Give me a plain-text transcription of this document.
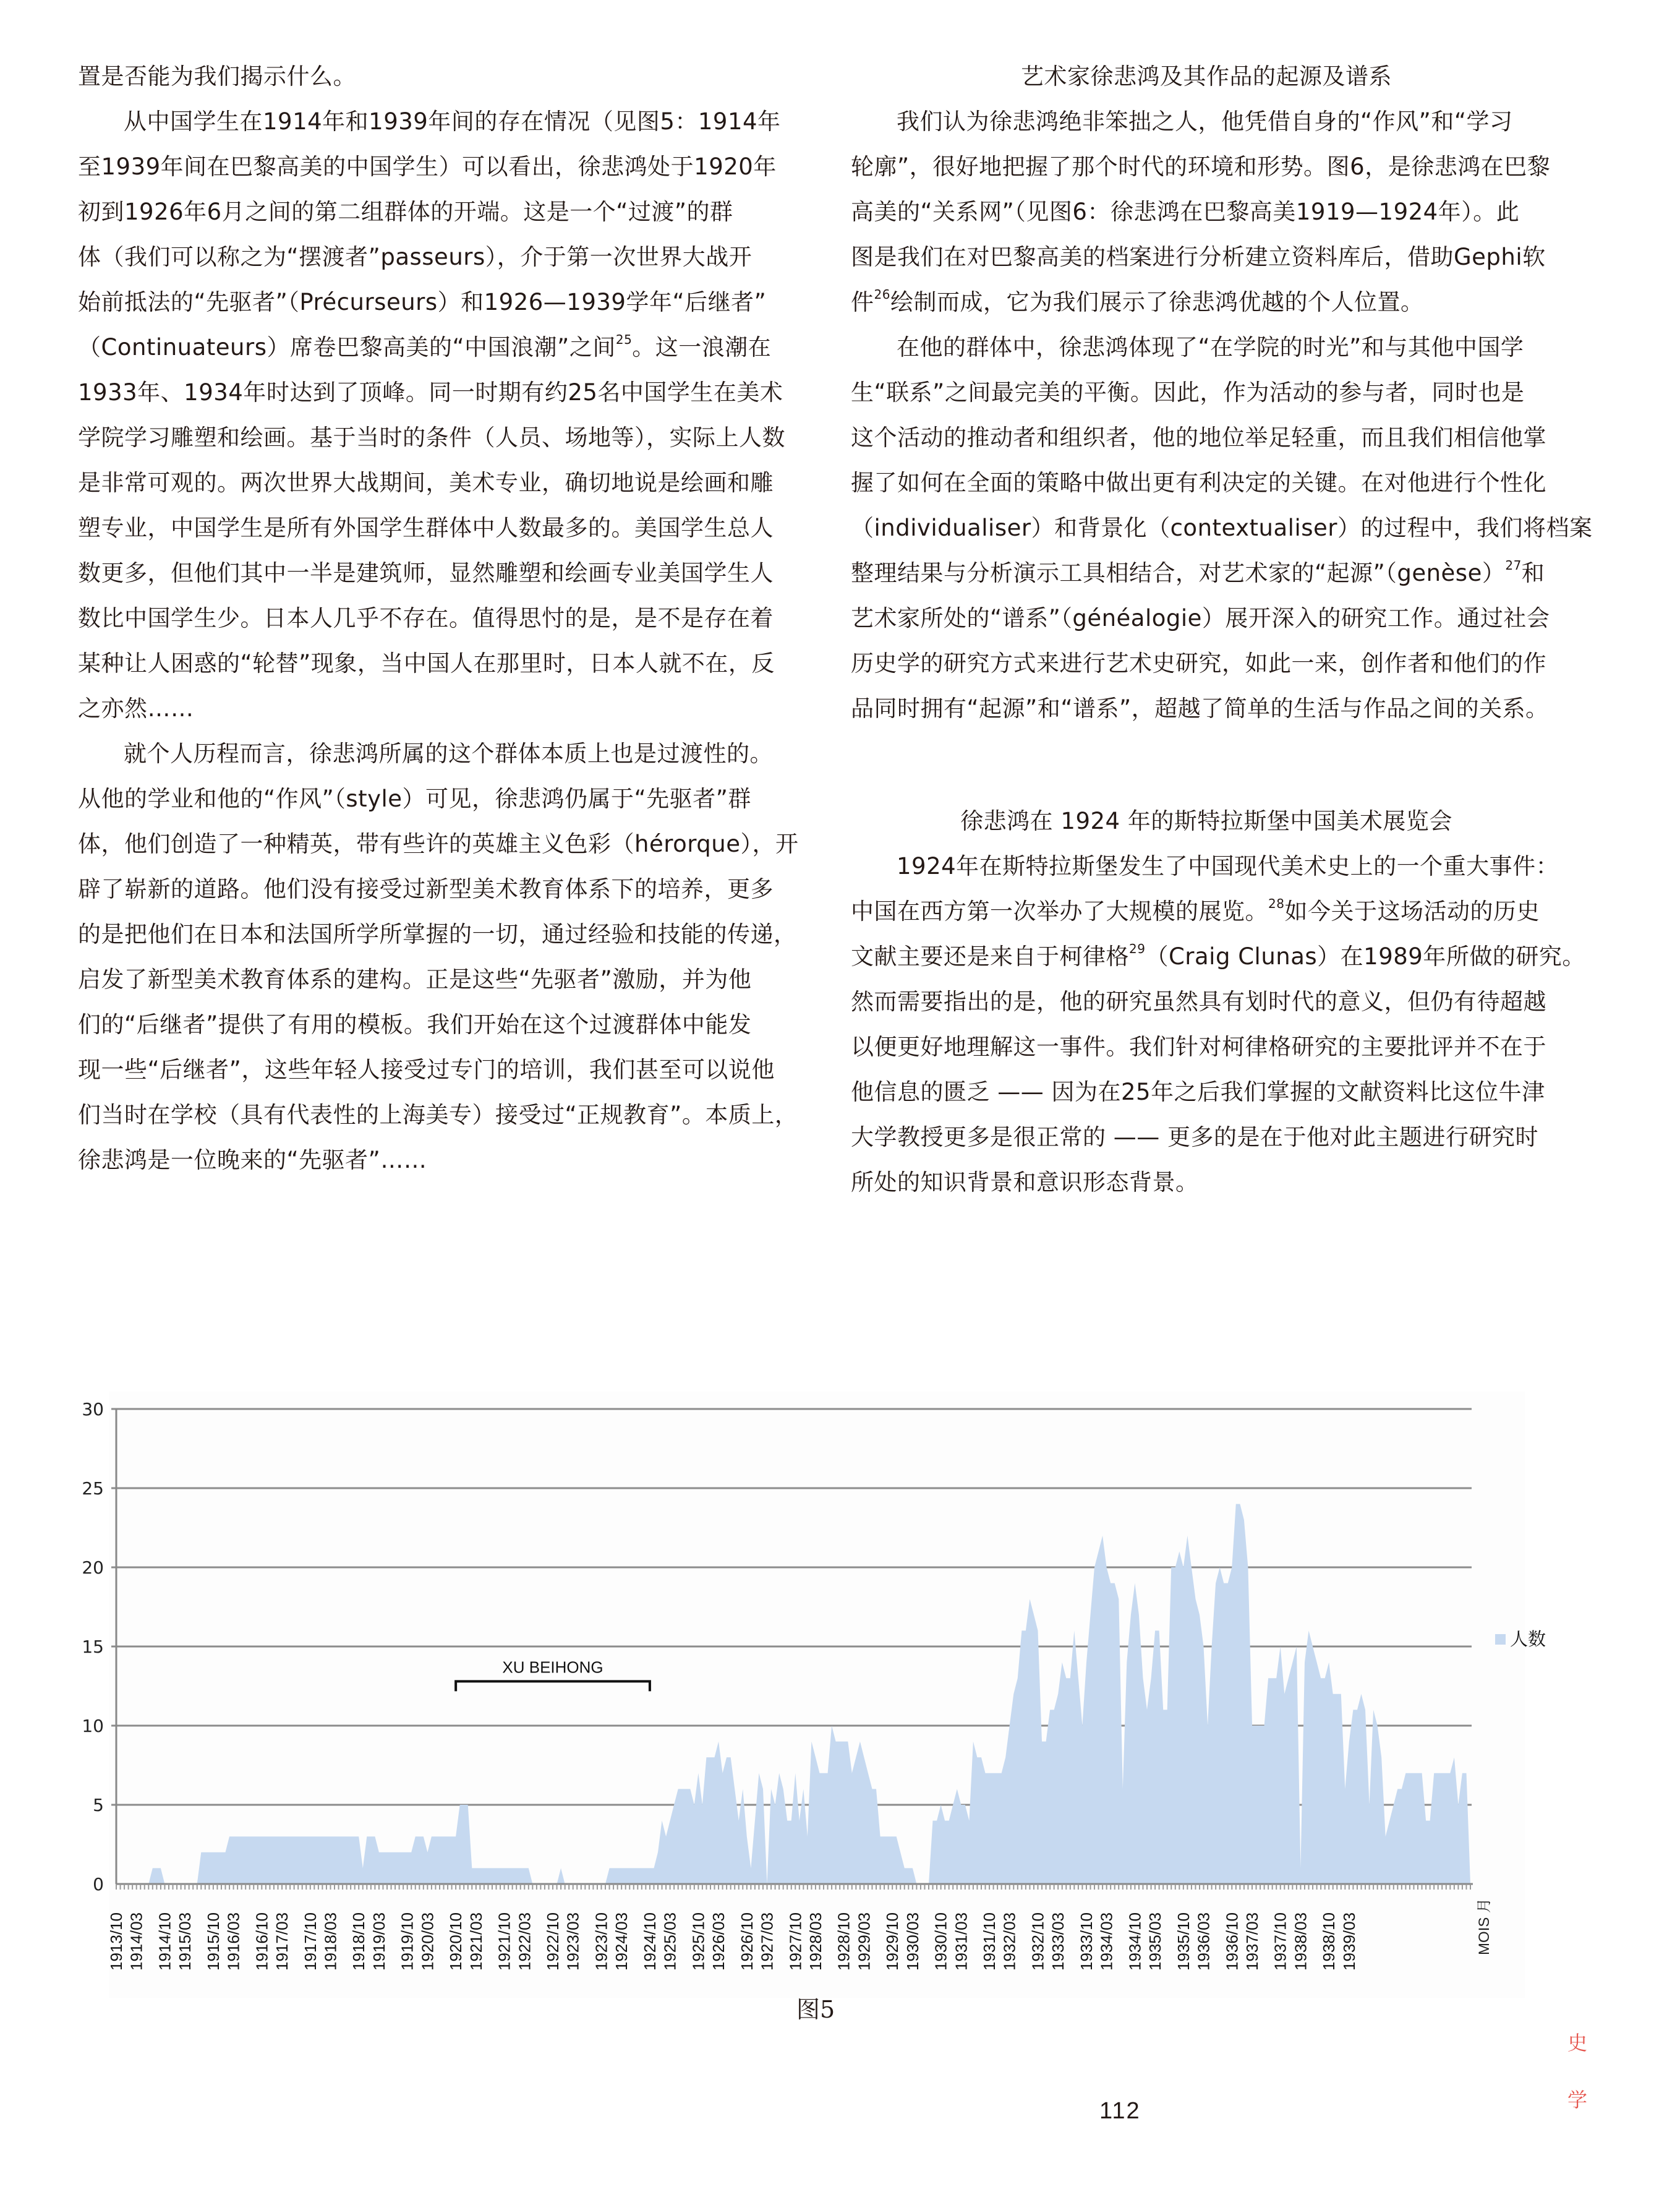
置是否能为我们揭示什么。
从中国学生在1914年和1939年间的存在情况（见图5：1914年
至1939年间在巴黎高美的中国学生）可以看出，徐悲鸿处于1920年
初到1926年6月之间的第二组群体的开端。这是一个“过渡”的群
体（我们可以称之为“摆渡者”passeurs），介于第一次世界大战开
始前抵法的“先驱者”（Précurseurs）和1926—1939学年“后继者”
（Continuateurs）席卷巴黎高美的“中国浪潮”之间$^{25}$。这一浪潮在
1933年、1934年时达到了顶峰。同一时期有约25名中国学生在美术
学院学习雕塑和绘画。基于当时的条件（人员、场地等），实际上人数
是非常可观的。两次世界大战期间，美术专业，确切地说是绘画和雕
塑专业，中国学生是所有外国学生群体中人数最多的。美国学生总人
数更多，但他们其中一半是建筑师，显然雕塑和绘画专业美国学生人
数比中国学生少。日本人几乎不存在。值得思忖的是，是不是存在着
某种让人困惑的“轮替”现象，当中国人在那里时，日本人就不在，反
之亦然……
就个人历程而言，徐悲鸿所属的这个群体本质上也是过渡性的。
从他的学业和他的“作风”（style）可见，徐悲鸿仍属于“先驱者”群
体，他们创造了一种精英，带有些许的英雄主义色彩（hérorque），开
辟了崭新的道路。他们没有接受过新型美术教育体系下的培养，更多
的是把他们在日本和法国所学所掌握的一切，通过经验和技能的传递，
启发了新型美术教育体系的建构。正是这些“先驱者”激励，并为他
们的“后继者”提供了有用的模板。我们开始在这个过渡群体中能发
现一些“后继者”，这些年轻人接受过专门的培训，我们甚至可以说他
们当时在学校（具有代表性的上海美专）接受过“正规教育”。本质上，
徐悲鸿是一位晚来的“先驱者”……
艺术家徐悲鸿及其作品的起源及谱系
我们认为徐悲鸿绝非笨拙之人，他凭借自身的“作风”和“学习
轮廓”，很好地把握了那个时代的环境和形势。图6，是徐悲鸿在巴黎
高美的“关系网”（见图6：徐悲鸿在巴黎高美1919—1924年）。此
图是我们在对巴黎高美的档案进行分析建立资料库后，借助Gephi软
件$^{26}$绘制而成，它为我们展示了徐悲鸿优越的个人位置。
在他的群体中，徐悲鸿体现了“在学院的时光”和与其他中国学
生“联系”之间最完美的平衡。因此，作为活动的参与者，同时也是
这个活动的推动者和组织者，他的地位举足轻重，而且我们相信他掌
握了如何在全面的策略中做出更有利决定的关键。在对他进行个性化
（individualiser）和背景化（contextualiser）的过程中，我们将档案
整理结果与分析演示工具相结合，对艺术家的“起源”（genèse）$^{27}$和
艺术家所处的“谱系”（généalogie）展开深入的研究工作。通过社会
历史学的研究方式来进行艺术史研究，如此一来，创作者和他们的作
品同时拥有“起源”和“谱系”，超越了简单的生活与作品之间的关系。
徐悲鸿在 1924 年的斯特拉斯堡中国美术展览会
1924年在斯特拉斯堡发生了中国现代美术史上的一个重大事件：
中国在西方第一次举办了大规模的展览。$^{28}$如今关于这场活动的历史
文献主要还是来自于柯律格$^{29}$（Craig Clunas）在1989年所做的研究。
然而需要指出的是，他的研究虽然具有划时代的意义，但仍有待超越
以便更好地理解这一事件。我们针对柯律格研究的主要批评并不在于
他信息的匮乏 —— 因为在25年之后我们掌握的文献资料比这位牛津
大学教授更多是很正常的 —— 更多的是在于他对此主题进行研究时
所处的知识背景和意识形态背景。
0
5
10
15
20
25
30
1913/10 1914/03 1914/10 1915/03 1915/10 1916/03 1916/10 1917/03 1917/10 1918/03 1918/10 1919/03 1919/10 1920/03 1920/10 1921/03 1921/10 1922/03 1922/10 1923/03 1923/10 1924/03 1924/10 1925/03 1925/10 1926/03 1926/10 1927/03 1927/10 1928/03 1928/10 1929/03 1929/10 1930/03 1930/10 1931/03 1931/10 1932/03 1932/10 1933/03 1933/10 1934/03 1934/10 1935/03 1935/10 1936/03 1936/10 1937/03 1937/10 1938/03 1938/10 1939/03	MOIS 月
XU BEIHONG
人数
图5
112
史
学
